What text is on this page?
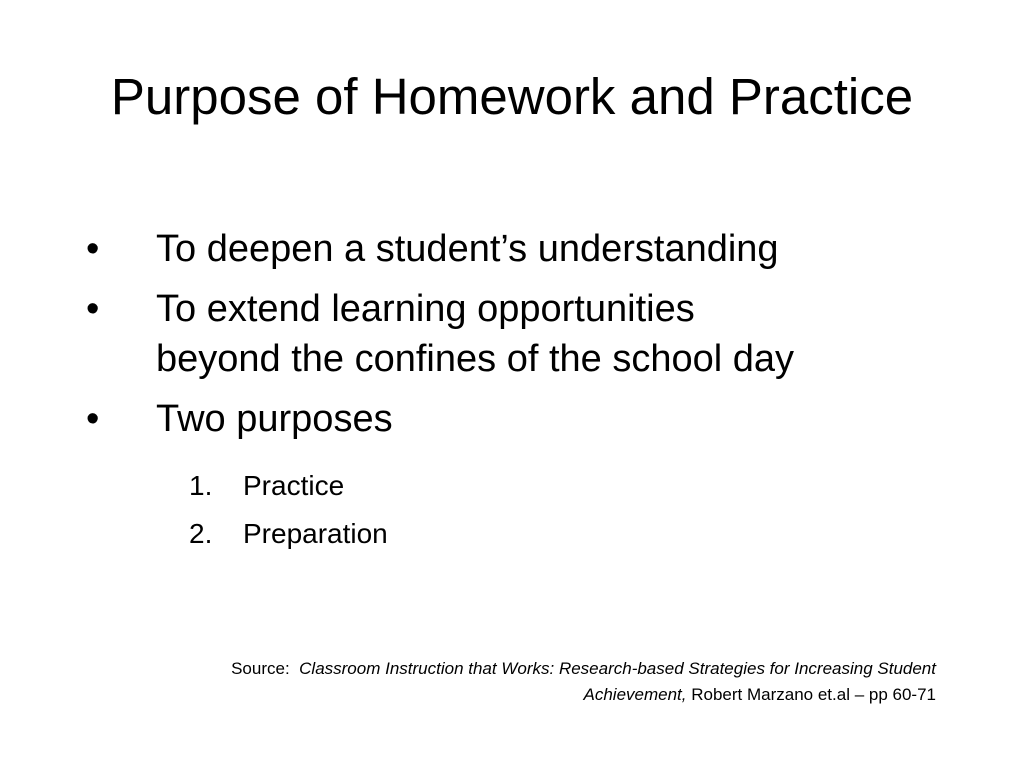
Purpose of Homework and Practice
•	To deepen a student’s understanding
•	To extend learning opportunities
beyond the confines of the school day
•	Two purposes
1.	Practice
2.	Preparation
Source: Classroom Instruction that Works: Research-based Strategies for Increasing Student
Achievement, Robert Marzano et.al – pp 60-71
